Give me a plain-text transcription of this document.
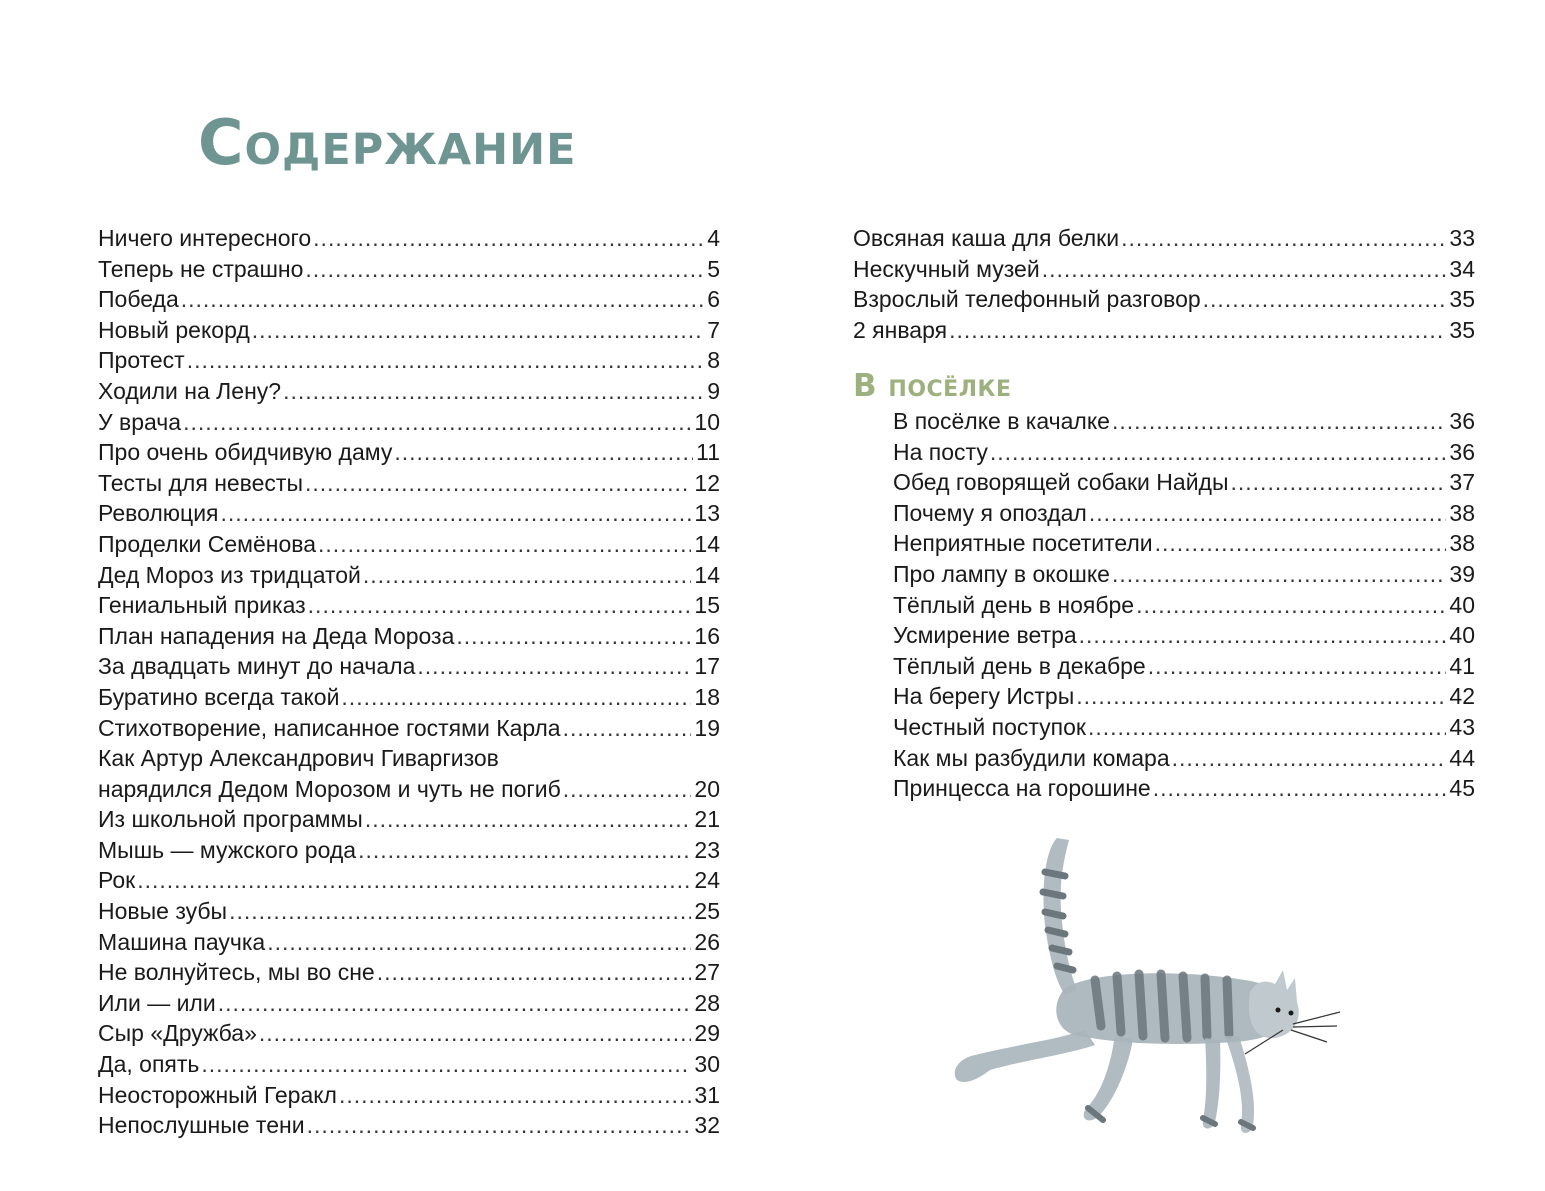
Содержание
Ничего интересного .....	4
Теперь не страшно .....	5
Победа .....	6
Новый рекорд .....	7
Протест .....	8
Ходили на Лену? .....	9
У врача .....	10
Про очень обидчивую даму .....	11
Тесты для невесты .....	12
Революция .....	13
Проделки Семёнова .....	14
Дед Мороз из тридцатой .....	14
Гениальный приказ .....	15
План нападения на Деда Мороза .....	16
За двадцать минут до начала .....	17
Буратино всегда такой .....	18
Стихотворение, написанное гостями Карла .....	19
Как Артур Александрович Гиваргизов
нарядился Дедом Морозом и чуть не погиб .....	20
Из школьной программы .....	21
Мышь — мужского рода .....	23
Рок .....	24
Новые зубы .....	25
Машина паучка .....	26
Не волнуйтесь, мы во сне .....	27
Или — или .....	28
Сыр «Дружба» .....	29
Да, опять .....	30
Неосторожный Геракл .....	31
Непослушные тени .....	32
Овсяная каша для белки .....	33
Нескучный музей .....	34
Взрослый телефонный разговор .....	35
2 января .....	35
В посёлке
В посёлке в качалке .....	36
На посту .....	36
Обед говорящей собаки Найды .....	37
Почему я опоздал .....	38
Неприятные посетители .....	38
Про лампу в окошке .....	39
Тёплый день в ноябре .....	40
Усмирение ветра .....	40
Тёплый день в декабре .....	41
На берегу Истры .....	42
Честный поступок .....	43
Как мы разбудили комара .....	44
Принцесса на горошине .....	45
